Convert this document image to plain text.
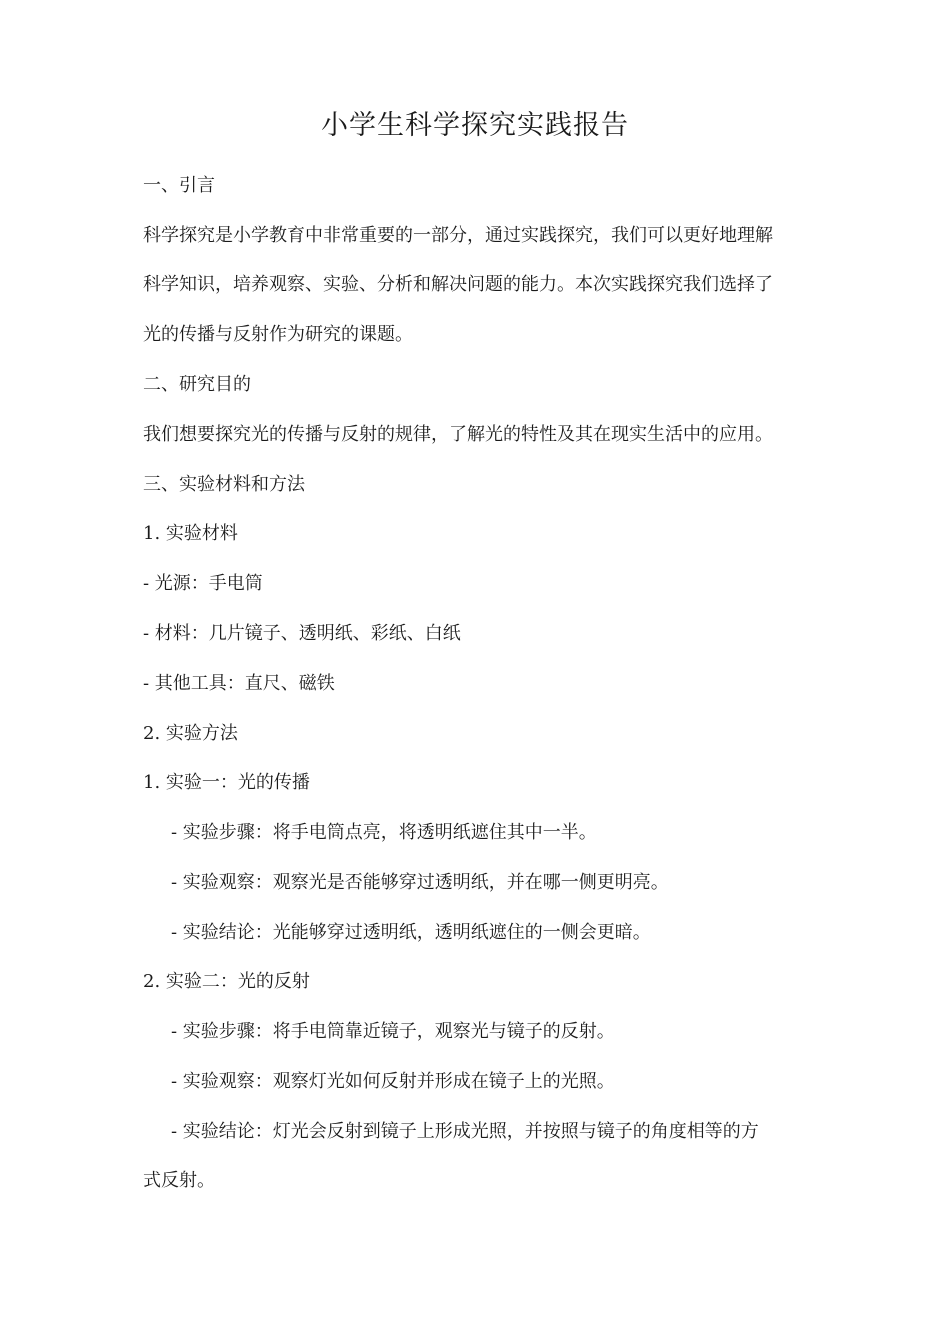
小学生科学探究实践报告

一、引言

科学探究是小学教育中非常重要的一部分，通过实践探究，我们可以更好地理解

科学知识，培养观察、实验、分析和解决问题的能力。本次实践探究我们选择了

光的传播与反射作为研究的课题。

二、研究目的

我们想要探究光的传播与反射的规律，了解光的特性及其在现实生活中的应用。

三、实验材料和方法

1. 实验材料

- 光源：手电筒

- 材料：几片镜子、透明纸、彩纸、白纸

- 其他工具：直尺、磁铁

2. 实验方法

1. 实验一：光的传播

- 实验步骤：将手电筒点亮，将透明纸遮住其中一半。

- 实验观察：观察光是否能够穿过透明纸，并在哪一侧更明亮。

- 实验结论：光能够穿过透明纸，透明纸遮住的一侧会更暗。

2. 实验二：光的反射

- 实验步骤：将手电筒靠近镜子，观察光与镜子的反射。

- 实验观察：观察灯光如何反射并形成在镜子上的光照。

- 实验结论：灯光会反射到镜子上形成光照，并按照与镜子的角度相等的方

式反射。
